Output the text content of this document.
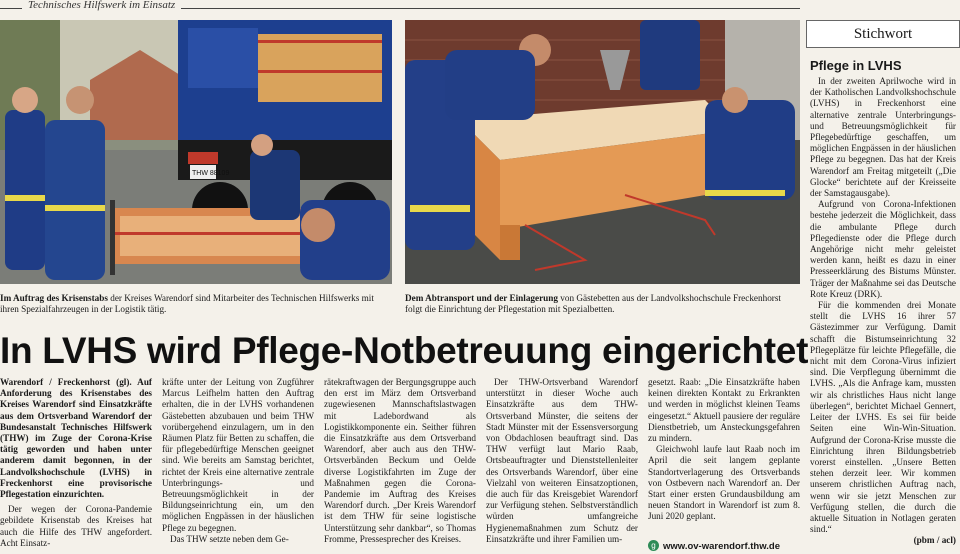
Technisches Hilfswerk im Einsatz
THW 88109
Im Auftrag des Krisenstabs der Kreises Warendorf sind Mitarbeiter des Technischen Hilfswerks mit ihren Spezialfahrzeugen in der Logistik tätig.
Dem Abtransport und der Einlagerung von Gästebetten aus der Landvolkshochschule Freckenhorst folgt die Einrichtung der Pflegestation mit Spezialbetten.
In LVHS wird Pflege-Notbetreuung eingerichtet

Warendorf / Freckenhorst (gl). Auf Anforderung des Krisenstabes des Kreises Warendorf sind Einsatzkräfte aus dem Ortsverband Warendorf der Bundesanstalt Technisches Hilfswerk (THW) im Zuge der Corona-Krise tätig geworden und haben unter anderem damit begonnen, in der Landvolkshochschule (LVHS) in Freckenhorst eine provisorische Pflegestation einzurichten.

Der wegen der Corona-Pandemie gebildete Krisenstab des Kreises hat auch die Hilfe des THW angefordert. Acht Einsatz-

kräfte unter der Leitung von Zugführer Marcus Leifhelm hatten den Auftrag erhalten, die in der LVHS vorhandenen Gästebetten abzubauen und beim THW vorübergehend einzulagern, um in den Räumen Platz für Betten zu schaffen, die für pflegebedürftige Menschen geeignet sind. Wie bereits am Samstag berichtet, richtet der Kreis eine alternative zentrale Unterbringungs- und Betreuungsmöglichkeit in der Bildungseinrichtung ein, um den möglichen Engpässen in der häuslichen Pflege zu begegnen.

Das THW setzte neben dem Ge-

rätekraftwagen der Bergungsgruppe auch den erst im März dem Ortsverband zugewiesenen Mannschaftslastwagen mit Ladebordwand als Logistikkomponente ein. Seither führen die Einsatzkräfte aus dem Ortsverband Warendorf, aber auch aus den THW-Ortsverbänden Beckum und Oelde diverse Logistikfahrten im Zuge der Maßnahmen gegen die Corona-Pandemie im Auftrag des Kreises Warendorf durch. „Der Kreis Warendorf ist dem THW für seine logistische Unterstützung sehr dankbar“, so Thomas Fromme, Pressesprecher des Kreises.

Der THW-Ortsverband Warendorf unterstützt in dieser Woche auch Einsatzkräfte aus dem THW-Ortsverband Münster, die seitens der Stadt Münster mit der Essensversorgung von Obdachlosen beauftragt sind. Das THW verfügt laut Mario Raab, Ortsbeauftragter und Dienststellenleiter des Ortsverbands Warendorf, über eine Vielzahl von weiteren Einsatzoptionen, die auch für das Kreisgebiet Warendorf zur Verfügung stehen. Selbstverständlich würden umfangreiche Hygienemaßnahmen zum Schutz der Einsatzkräfte und ihrer Familien um-

gesetzt. Raab: „Die Einsatzkräfte haben keinen direkten Kontakt zu Erkrankten und werden in möglichst kleinen Teams eingesetzt.“ Aktuell pausiere der reguläre Dienstbetrieb, um Ansteckungsgefahren zu mindern.

Gleichwohl laufe laut Raab noch im April die seit langem geplante Standortverlagerung des Ortsverbands von Ostbevern nach Warendorf an. Der Start einer ersten Grundausbildung am neuen Standort in Warendorf ist zum 8. Juni 2020 geplant.

g www.ov-warendorf.thw.de
Stichwort
Pflege in LVHS

In der zweiten Aprilwoche wird in der Katholischen Landvolkshochschule (LVHS) in Freckenhorst eine alternative zentrale Unterbringungs- und Betreuungsmöglichkeit für Pflegebedürftige geschaffen, um möglichen Engpässen in der häuslichen Pflege zu begegnen. Das hat der Kreis Warendorf am Freitag mitgeteilt („Die Glocke“ berichtete auf der Kreisseite der Samstagausgabe).

Aufgrund von Corona-Infektionen bestehe jederzeit die Möglichkeit, dass die ambulante Pflege durch Pflegedienste oder die Pflege durch Angehörige nicht mehr geleistet werden kann, heißt es dazu in einer Presseerklärung des Bistums Münster. Träger der Maßnahme sei das Deutsche Rote Kreuz (DRK).

Für die kommenden drei Monate stellt die LVHS 16 ihrer 57 Gästezimmer zur Verfügung. Damit schafft die Bistumseinrichtung 32 Pflegeplätze für leichte Pflegefälle, die nicht mit dem Corona-Virus infiziert sind. Die Verpflegung übernimmt die LVHS. „Als die Anfrage kam, mussten wir als christliches Haus nicht lange überlegen“, berichtet Michael Gennert, Leiter der LVHS. Es sei für beide Seiten eine Win-Win-Situation. Aufgrund der Corona-Krise musste die Einrichtung ihren Bildungsbetrieb vorerst einstellen. „Unsere Betten stehen derzeit leer. Wir kommen unserem christlichen Auftrag nach, wenn wir sie jetzt Menschen zur Verfügung stellen, die durch die aktuelle Situation in Notlagen geraten sind.“

(pbm / acl)
